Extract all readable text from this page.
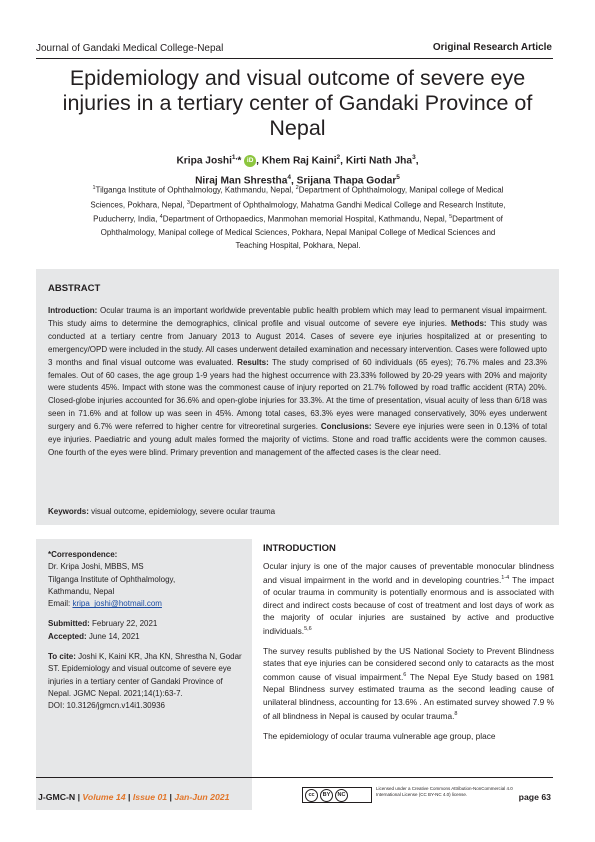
Journal of Gandaki Medical College-Nepal	Original Research Article
Epidemiology and visual outcome of severe eye injuries in a tertiary center of Gandaki Province of Nepal
Kripa Joshi$^{1,}$* iD , Khem Raj Kaini$^2$, Kirti Nath Jha$^3$,
Niraj Man Shrestha$^4$, Srijana Thapa Godar$^5$
$^1$Tilganga Institute of Ophthalmology, Kathmandu, Nepal, $^2$Department of Ophthalmology, Manipal college of Medical Sciences, Pokhara, Nepal, $^3$Department of Ophthalmology, Mahatma Gandhi Medical College and Research Institute, Puducherry, India, $^4$Department of Orthopaedics, Manmohan memorial Hospital, Kathmandu, Nepal, $^5$Department of Ophthalmology, Manipal college of Medical Sciences, Pokhara, Nepal Manipal College of Medical Sciences and Teaching Hospital, Pokhara, Nepal.
ABSTRACT
Introduction: Ocular trauma is an important worldwide preventable public health problem which may lead to permanent visual impairment. This study aims to determine the demographics, clinical profile and visual outcome of severe eye injuries. Methods: This study was conducted at a tertiary centre from January 2013 to August 2014. Cases of severe eye injuries hospitalized at or presenting to emergency/OPD were included in the study. All cases underwent detailed examination and necessary intervention. Cases were followed upto 3 months and final visual outcome was evaluated. Results: The study comprised of 60 individuals (65 eyes); 76.7% males and 23.3% females. Out of 60 cases, the age group 1-9 years had the highest occurrence with 23.33% followed by 20-29 years with 20% and majority were students 45%. Impact with stone was the commonest cause of injury reported on 21.7% followed by road traffic accident (RTA) 20%. Closed-globe injuries accounted for 36.6% and open-globe injuries for 33.3%. At the time of presentation, visual acuity of less than 6/18 was seen in 71.6% and at follow up was seen in 45%. Among total cases, 63.3% eyes were managed conservatively, 30% eyes underwent surgery and 6.7% were referred to higher centre for vitreoretinal surgeries. Conclusions: Severe eye injuries were seen in 0.13% of total eye injuries. Paediatric and young adult males formed the majority of victims. Stone and road traffic accidents were the common causes. One fourth of the eyes were blind. Primary prevention and management of the affected cases is the clear need.
Keywords: visual outcome, epidemiology, severe ocular trauma
*Correspondence:
Dr. Kripa Joshi, MBBS, MS
Tilganga Institute of Ophthalmology,
Kathmandu, Nepal
Email: kripa_joshi@hotmail.com
Submitted: February 22, 2021
Accepted: June 14, 2021
To cite: Joshi K, Kaini KR, Jha KN, Shrestha N, Godar ST. Epidemiology and visual outcome of severe eye injuries in a tertiary center of Gandaki Province of Nepal. JGMC Nepal. 2021;14(1):63-7.
DOI: 10.3126/jgmcn.v14i1.30936
INTRODUCTION

Ocular injury is one of the major causes of preventable monocular blindness and visual impairment in the world and in developing countries.$^{1-4}$ The impact of ocular trauma in community is potentially enormous and is associated with direct and indirect costs because of cost of treatment and lost days of work as the majority of ocular injuries are sustained by active and productive individuals.$^{5,6}$

The survey results published by the US National Society to Prevent Blindness states that eye injuries can be considered second only to cataracts as the most common cause of visual impairment.$^6$ The Nepal Eye Study based on 1981 Nepal Blindness survey estimated trauma as the second leading cause of unilateral blindness, accounting for 13.6% . An estimated survey showed 7.9 % of all blindness in Nepal is caused by ocular trauma.$^8$

The epidemiology of ocular trauma vulnerable age group, place

J-GMC-N | Volume 14 | Issue 01 | Jan-Jun 2021	cc	BY	NC
Licensed under a Creative Commons Attribution-NonCommercial 4.0 International License (CC BY-NC 4.0) license.	page 63
